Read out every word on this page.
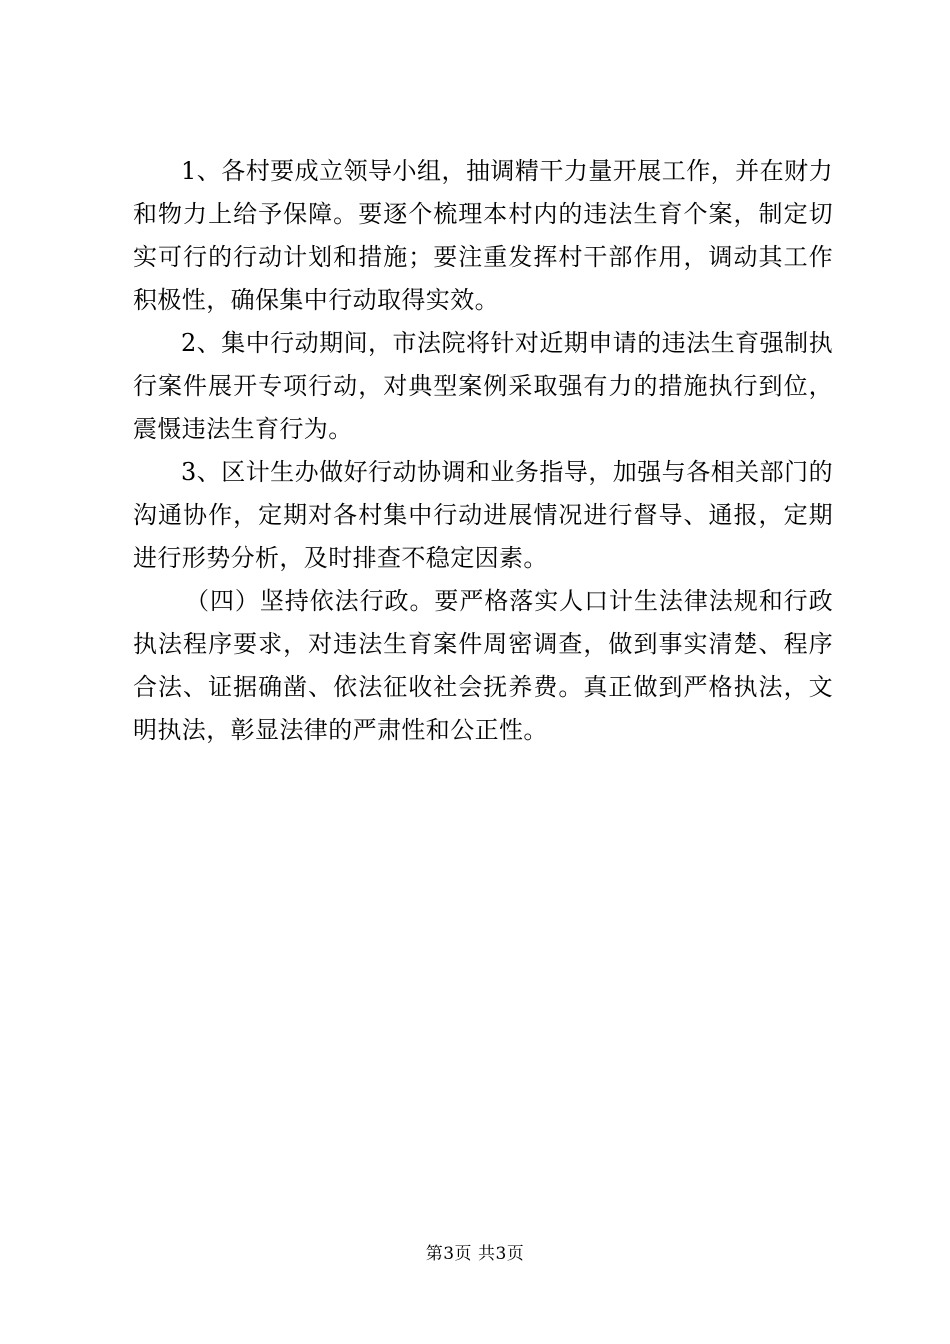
1、各村要成立领导小组，抽调精干力量开展工作，并在财力和物力上给予保障。要逐个梳理本村内的违法生育个案，制定切实可行的行动计划和措施；要注重发挥村干部作用，调动其工作积极性，确保集中行动取得实效。

2、集中行动期间，市法院将针对近期申请的违法生育强制执行案件展开专项行动，对典型案例采取强有力的措施执行到位，震慑违法生育行为。

3、区计生办做好行动协调和业务指导，加强与各相关部门的沟通协作，定期对各村集中行动进展情况进行督导、通报，定期进行形势分析，及时排查不稳定因素。

（四）坚持依法行政。要严格落实人口计生法律法规和行政执法程序要求，对违法生育案件周密调查，做到事实清楚、程序合法、证据确凿、依法征收社会抚养费。真正做到严格执法，文明执法，彰显法律的严肃性和公正性。

第3页 共3页
